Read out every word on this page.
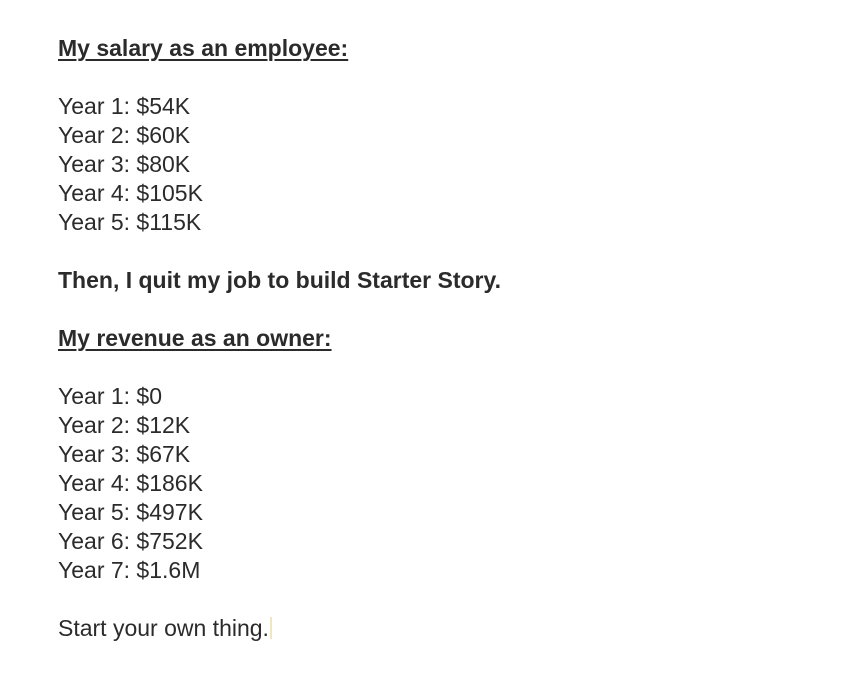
My salary as an employee:
Year 1: $54K
Year 2: $60K
Year 3: $80K
Year 4: $105K
Year 5: $115K
Then, I quit my job to build Starter Story.
My revenue as an owner:
Year 1: $0
Year 2: $12K
Year 3: $67K
Year 4: $186K
Year 5: $497K
Year 6: $752K
Year 7: $1.6M
Start your own thing.
